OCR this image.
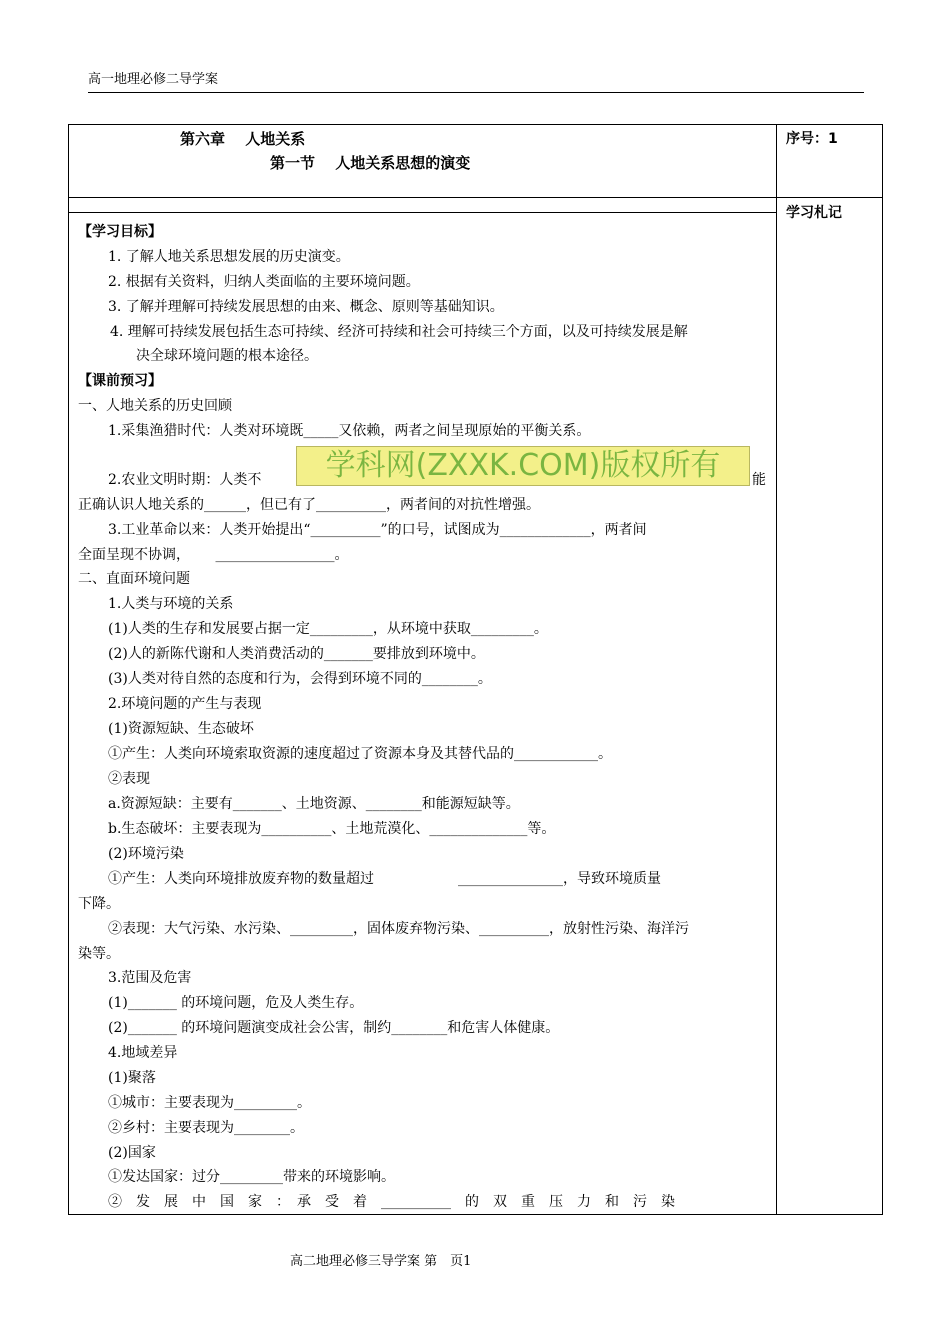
高一地理必修二导学案
第六章　 人地关系
第一节　 人地关系思想的演变
序号：1
学习札记
【学习目标】
1. 了解人地关系思想发展的历史演变。
2. 根据有关资料，归纳人类面临的主要环境问题。
3. 了解并理解可持续发展思想的由来、概念、原则等基础知识。
4. 理解可持续发展包括生态可持续、经济可持续和社会可持续三个方面，以及可持续发展是解
决全球环境问题的根本途径。
【课前预习】
一、人地关系的历史回顾
1.采集渔猎时代：人类对环境既_____又依赖，两者之间呈现原始的平衡关系。
2.农业文明时期：人类不	能
正确认识人地关系的______，但已有了__________，两者间的对抗性增强。
3.工业革命以来：人类开始提出“__________”的口号，试图成为_____________，两者间
全面呈现不协调，　　 _________________。
二、直面环境问题
1.人类与环境的关系
(1)人类的生存和发展要占据一定_________，从环境中获取_________。
(2)人的新陈代谢和人类消费活动的_______要排放到环境中。
(3)人类对待自然的态度和行为，会得到环境不同的________。
2.环境问题的产生与表现
(1)资源短缺、生态破坏
①产生：人类向环境索取资源的速度超过了资源本身及其替代品的____________。
②表现
a.资源短缺：主要有_______、土地资源、________和能源短缺等。
b.生态破坏：主要表现为__________、土地荒漠化、______________等。
(2)环境污染
①产生：人类向环境排放废弃物的数量超过　　　　　　_______________，导致环境质量
下降。
②表现：大气污染、水污染、_________，固体废弃物污染、__________，放射性污染、海洋污
染等。
3.范围及危害
(1)_______ 的环境问题，危及人类生存。
(2)_______ 的环境问题演变成社会公害，制约________和危害人体健康。
4.地域差异
(1)聚落
①城市：主要表现为_________。
②乡村：主要表现为________。
(2)国家
①发达国家：过分_________带来的环境影响。
②　发　展　中　国　家　：　承　受　着　__________　的　双　重　压　力　和　污　染
学科网(ZXXK.COM)版权所有
高二地理必修三导学案 第　页1
